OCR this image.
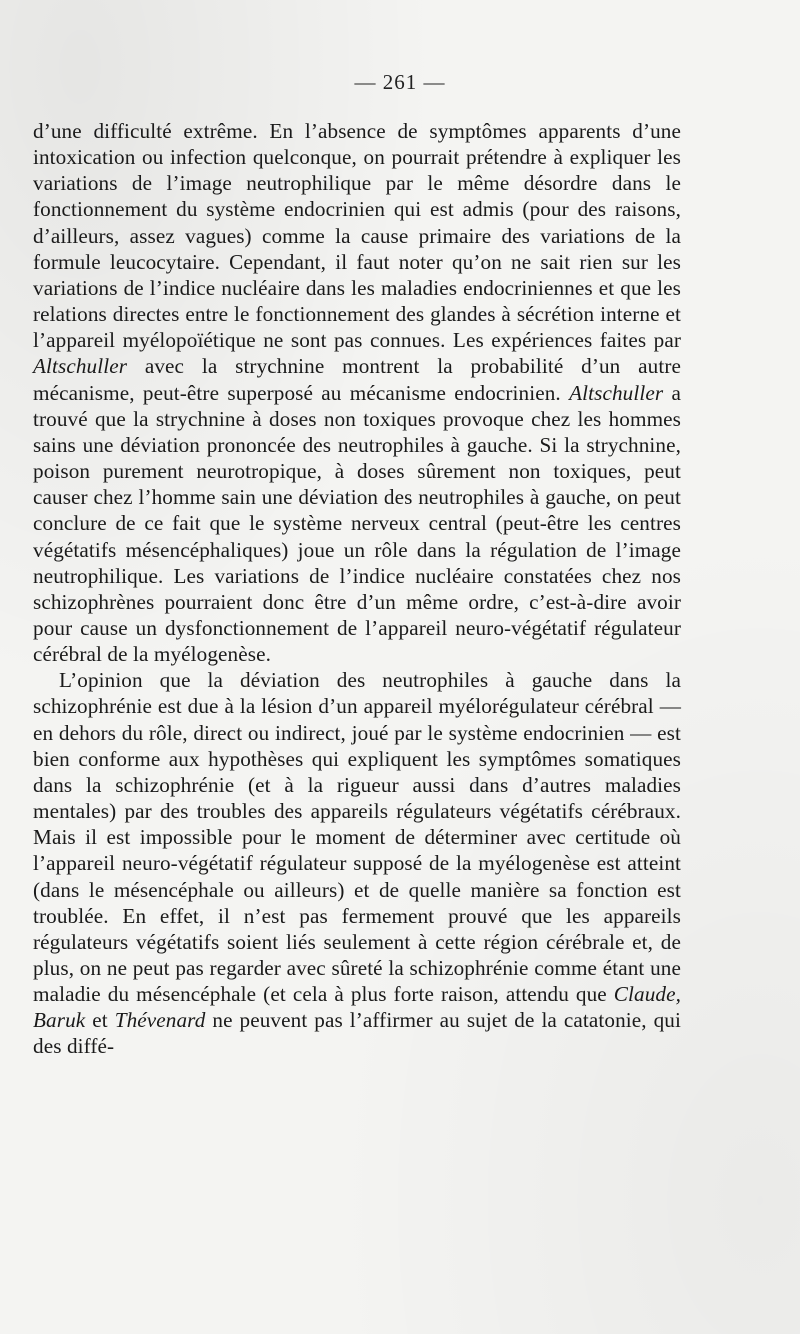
— 261 —

d’une difficulté extrême. En l’absence de symptômes apparents d’une intoxication ou infection quelconque, on pourrait prétendre à expliquer les variations de l’image neutrophilique par le même désordre dans le fonctionnement du système endocrinien qui est admis (pour des raisons, d’ailleurs, assez vagues) comme la cause primaire des variations de la formule leucocytaire. Cependant, il faut noter qu’on ne sait rien sur les variations de l’indice nucléaire dans les maladies endocriniennes et que les relations directes entre le fonctionnement des glandes à sécrétion interne et l’appareil myélopoïétique ne sont pas connues. Les expériences faites par Altschuller avec la strychnine montrent la probabilité d’un autre mécanisme, peut-être superposé au mécanisme endocrinien. Altschuller a trouvé que la strychnine à doses non toxiques provoque chez les hommes sains une déviation prononcée des neutrophiles à gauche. Si la strychnine, poison purement neurotropique, à doses sûrement non toxiques, peut causer chez l’homme sain une déviation des neutrophiles à gauche, on peut conclure de ce fait que le système nerveux central (peut-être les centres végétatifs mésencéphaliques) joue un rôle dans la régulation de l’image neutrophilique. Les variations de l’indice nucléaire constatées chez nos schizophrènes pourraient donc être d’un même ordre, c’est-à-dire avoir pour cause un dysfonctionnement de l’appareil neuro-végétatif régulateur cérébral de la myélogenèse.

L’opinion que la déviation des neutrophiles à gauche dans la schizophrénie est due à la lésion d’un appareil myélorégulateur cérébral — en dehors du rôle, direct ou indirect, joué par le système endocrinien — est bien conforme aux hypothèses qui expliquent les symptômes somatiques dans la schizophrénie (et à la rigueur aussi dans d’autres maladies mentales) par des troubles des appareils régulateurs végétatifs cérébraux. Mais il est impossible pour le moment de déterminer avec certitude où l’appareil neuro-végétatif régulateur supposé de la myélogenèse est atteint (dans le mésencéphale ou ailleurs) et de quelle manière sa fonction est troublée. En effet, il n’est pas fermement prouvé que les appareils régulateurs végétatifs soient liés seulement à cette région cérébrale et, de plus, on ne peut pas regarder avec sûreté la schizophrénie comme étant une maladie du mésencéphale (et cela à plus forte raison, attendu que Claude, Baruk et Thévenard ne peuvent pas l’affirmer au sujet de la catatonie, qui des diffé-
